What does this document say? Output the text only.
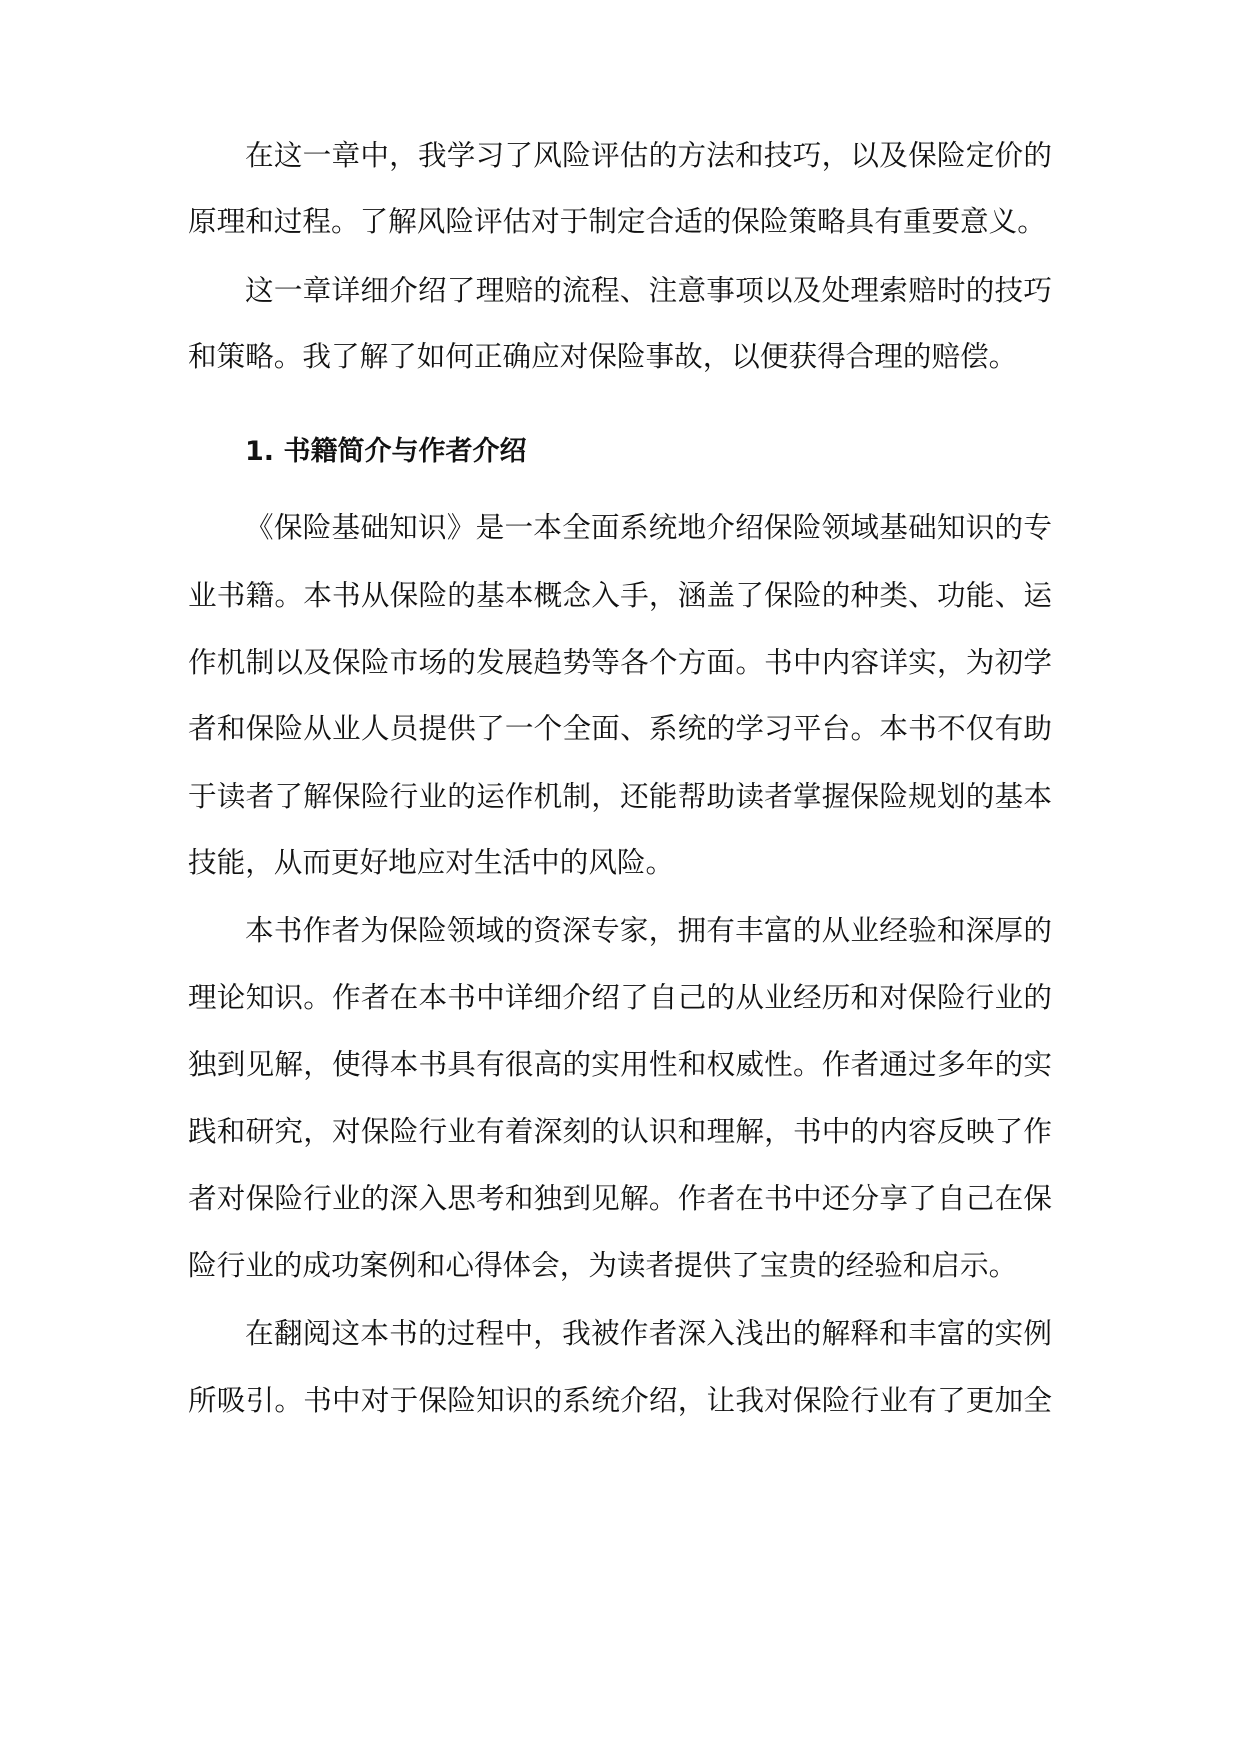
在这一章中，我学习了风险评估的方法和技巧，以及保险定价的
原理和过程。了解风险评估对于制定合适的保险策略具有重要意义。
这一章详细介绍了理赔的流程、注意事项以及处理索赔时的技巧
和策略。我了解了如何正确应对保险事故，以便获得合理的赔偿。
1. 书籍简介与作者介绍
《保险基础知识》是一本全面系统地介绍保险领域基础知识的专
业书籍。本书从保险的基本概念入手，涵盖了保险的种类、功能、运
作机制以及保险市场的发展趋势等各个方面。书中内容详实，为初学
者和保险从业人员提供了一个全面、系统的学习平台。本书不仅有助
于读者了解保险行业的运作机制，还能帮助读者掌握保险规划的基本
技能，从而更好地应对生活中的风险。
本书作者为保险领域的资深专家，拥有丰富的从业经验和深厚的
理论知识。作者在本书中详细介绍了自己的从业经历和对保险行业的
独到见解，使得本书具有很高的实用性和权威性。作者通过多年的实
践和研究，对保险行业有着深刻的认识和理解，书中的内容反映了作
者对保险行业的深入思考和独到见解。作者在书中还分享了自己在保
险行业的成功案例和心得体会，为读者提供了宝贵的经验和启示。
在翻阅这本书的过程中，我被作者深入浅出的解释和丰富的实例
所吸引。书中对于保险知识的系统介绍，让我对保险行业有了更加全
